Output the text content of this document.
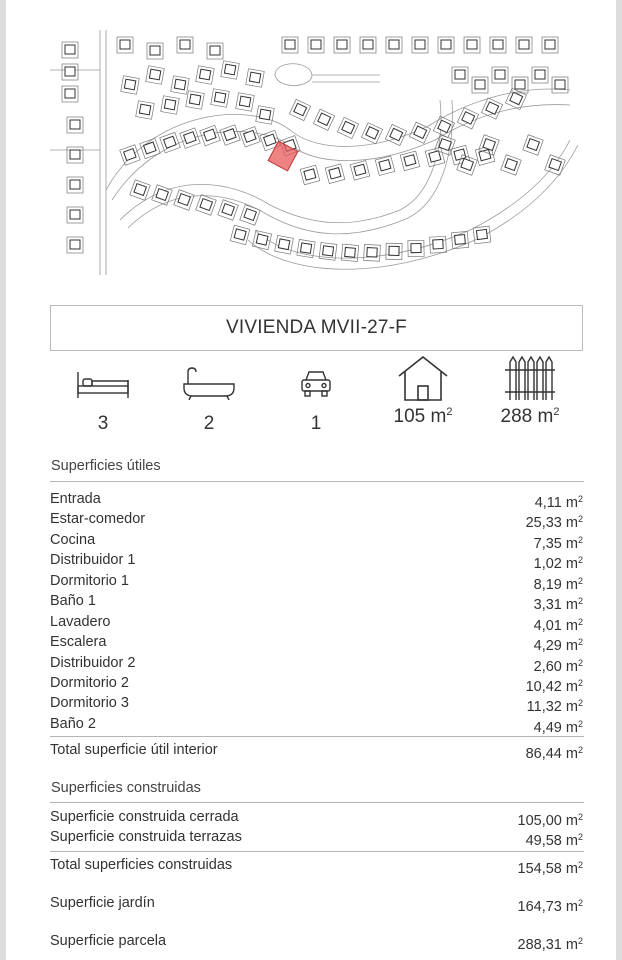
VIVIENDA MVII-27-F
3	2	1	105 $m^2$	288 $m^2$
Superficies útiles
Entrada	4,11 $m^2$
Estar-comedor	25,33 $m^2$
Cocina	7,35 $m^2$
Distribuidor 1	1,02 $m^2$
Dormitorio 1	8,19 $m^2$
Baño 1	3,31 $m^2$
Lavadero	4,01 $m^2$
Escalera	4,29 $m^2$
Distribuidor 2	2,60 $m^2$
Dormitorio 2	10,42 $m^2$
Dormitorio 3	11,32 $m^2$
Baño 2	4,49 $m^2$
Total superficie útil interior	86,44 $m^2$
Superficies construidas
Superficie construida cerrada	105,00 $m^2$
Superficie construida terrazas	49,58 $m^2$
Total superficies construidas	154,58 $m^2$
Superficie jardín	164,73 $m^2$
Superficie parcela	288,31 $m^2$
